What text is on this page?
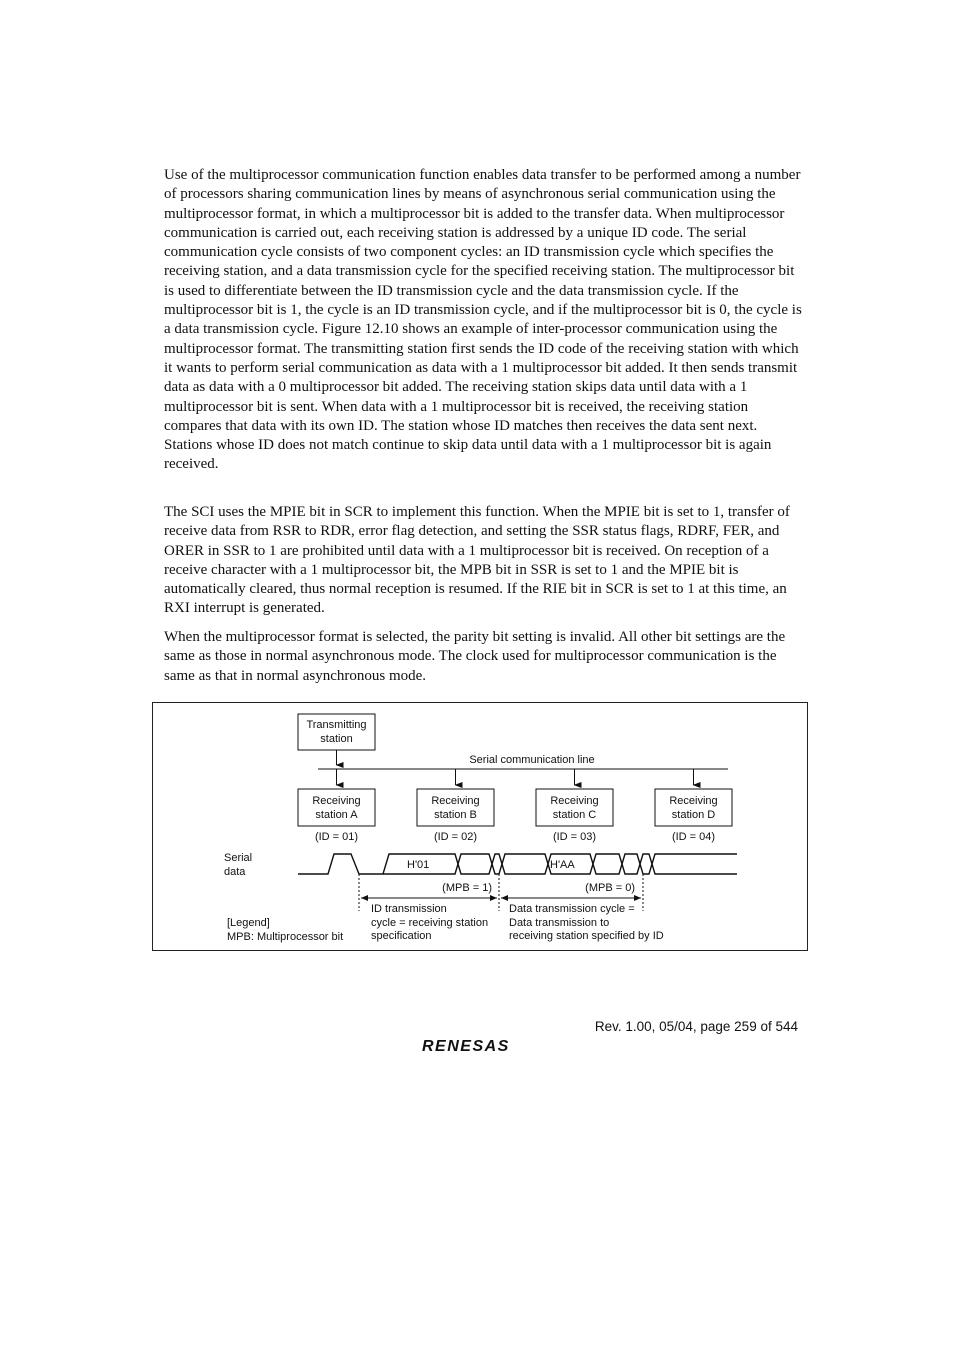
Use of the multiprocessor communication function enables data transfer to be performed among a number of processors sharing communication lines by means of asynchronous serial communication using the multiprocessor format, in which a multiprocessor bit is added to the transfer data. When multiprocessor communication is carried out, each receiving station is addressed by a unique ID code. The serial communication cycle consists of two component cycles: an ID transmission cycle which specifies the receiving station, and a data transmission cycle for the specified receiving station. The multiprocessor bit is used to differentiate between the ID transmission cycle and the data transmission cycle. If the multiprocessor bit is 1, the cycle is an ID transmission cycle, and if the multiprocessor bit is 0, the cycle is a data transmission cycle. Figure 12.10 shows an example of inter-processor communication using the multiprocessor format. The transmitting station first sends the ID code of the receiving station with which it wants to perform serial communication as data with a 1 multiprocessor bit added. It then sends transmit data as data with a 0 multiprocessor bit added. The receiving station skips data until data with a 1 multiprocessor bit is sent. When data with a 1 multiprocessor bit is received, the receiving station compares that data with its own ID. The station whose ID matches then receives the data sent next. Stations whose ID does not match continue to skip data until data with a 1 multiprocessor bit is again received.

The SCI uses the MPIE bit in SCR to implement this function. When the MPIE bit is set to 1, transfer of receive data from RSR to RDR, error flag detection, and setting the SSR status flags, RDRF, FER, and ORER in SSR to 1 are prohibited until data with a 1 multiprocessor bit is received. On reception of a receive character with a 1 multiprocessor bit, the MPB bit in SSR is set to 1 and the MPIE bit is automatically cleared, thus normal reception is resumed. If the RIE bit in SCR is set to 1 at this time, an RXI interrupt is generated.

When the multiprocessor format is selected, the parity bit setting is invalid. All other bit settings are the same as those in normal asynchronous mode. The clock used for multiprocessor communication is the same as that in normal asynchronous mode.

Transmitting
station
Serial communication line
Receiving
station A
Receiving
station B
Receiving
station C
Receiving
station D
(ID = 01)	(ID = 02)	(ID = 03)	(ID = 04)
Serial
data
H'01	H'AA
(MPB = 1)	(MPB = 0)
ID transmission
cycle = receiving station
specification
Data transmission cycle =
Data transmission to
receiving station specified by ID
[Legend]
MPB: Multiprocessor bit
Rev. 1.00, 05/04, page 259 of 544
RENESAS
